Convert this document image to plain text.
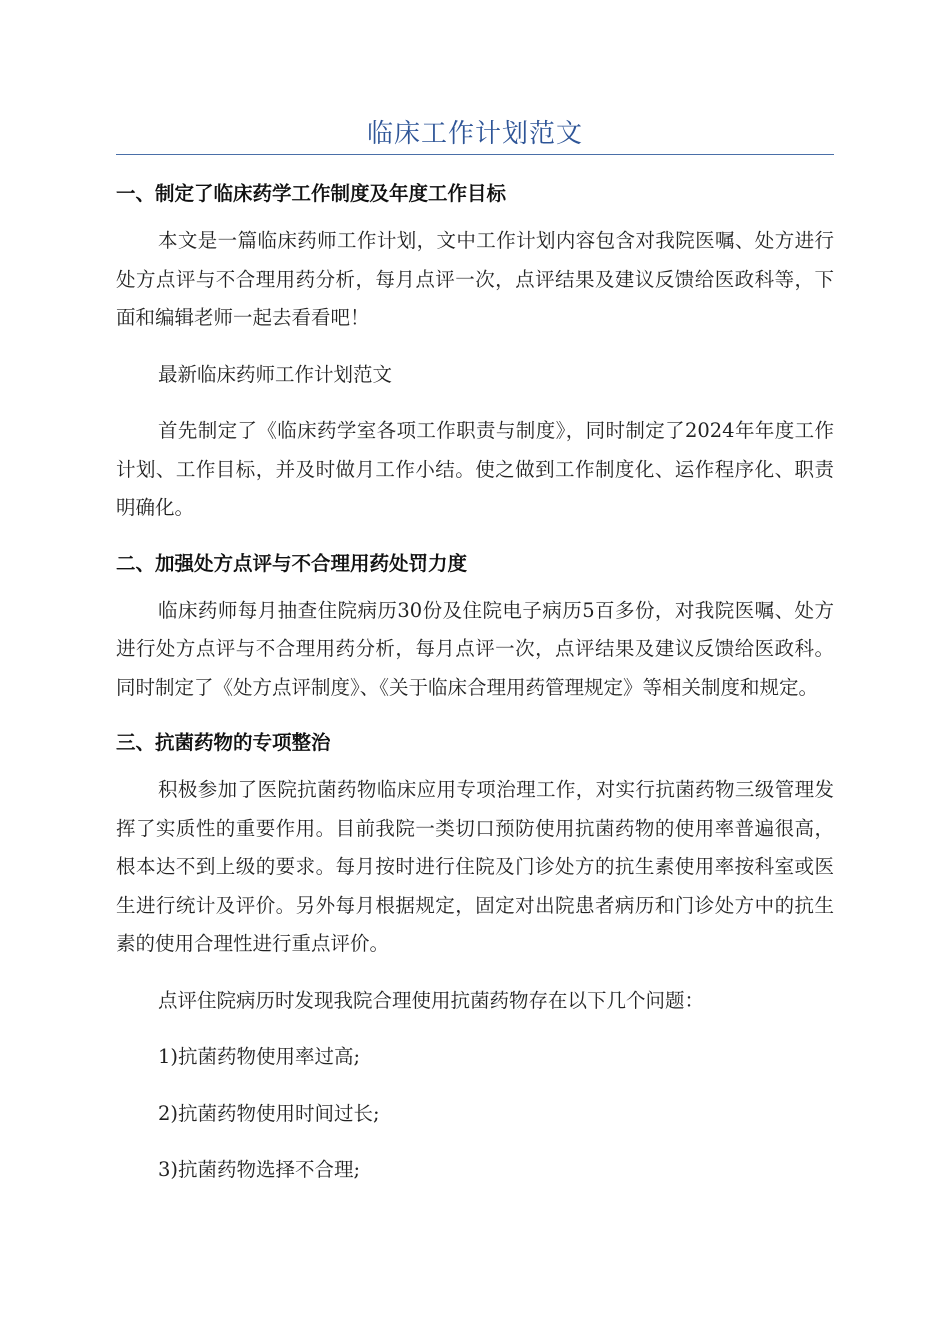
临床工作计划范文
一、制定了临床药学工作制度及年度工作目标

本文是一篇临床药师工作计划，文中工作计划内容包含对我院医嘱、处方进行处方点评与不合理用药分析，每月点评一次，点评结果及建议反馈给医政科等，下面和编辑老师一起去看看吧！

最新临床药师工作计划范文

首先制定了《临床药学室各项工作职责与制度》，同时制定了2024年年度工作计划、工作目标，并及时做月工作小结。使之做到工作制度化、运作程序化、职责明确化。

二、加强处方点评与不合理用药处罚力度

临床药师每月抽查住院病历30份及住院电子病历5百多份，对我院医嘱、处方进行处方点评与不合理用药分析，每月点评一次，点评结果及建议反馈给医政科。同时制定了《处方点评制度》、《关于临床合理用药管理规定》等相关制度和规定。

三、抗菌药物的专项整治

积极参加了医院抗菌药物临床应用专项治理工作，对实行抗菌药物三级管理发挥了实质性的重要作用。目前我院一类切口预防使用抗菌药物的使用率普遍很高，根本达不到上级的要求。每月按时进行住院及门诊处方的抗生素使用率按科室或医生进行统计及评价。另外每月根据规定，固定对出院患者病历和门诊处方中的抗生素的使用合理性进行重点评价。

点评住院病历时发现我院合理使用抗菌药物存在以下几个问题：

1)抗菌药物使用率过高;

2)抗菌药物使用时间过长;

3)抗菌药物选择不合理;
